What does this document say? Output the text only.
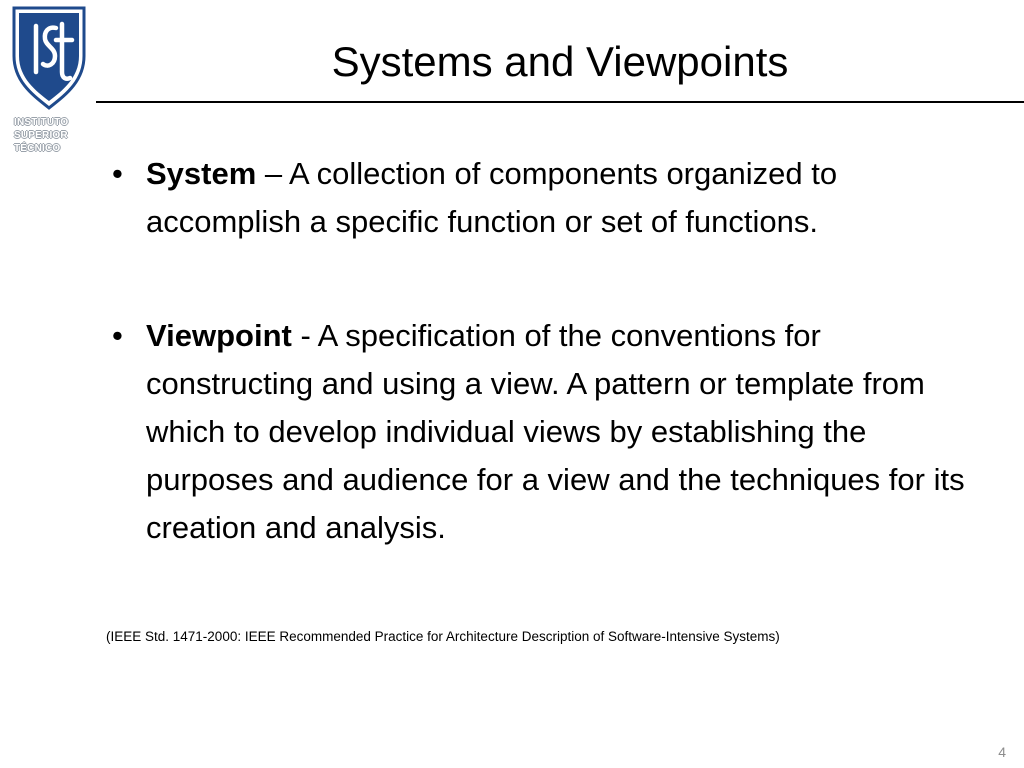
INSTITUTO
SUPERIOR
TÉCNICO
Systems and Viewpoints
• System – A collection of components organized to accomplish a specific function or set of functions.
• Viewpoint - A specification of the conventions for constructing and using a view. A pattern or template from which to develop individual views by establishing the purposes and audience for a view and the techniques for its creation and analysis.
(IEEE Std. 1471-2000: IEEE Recommended Practice for Architecture Description of Software-Intensive Systems)
4
